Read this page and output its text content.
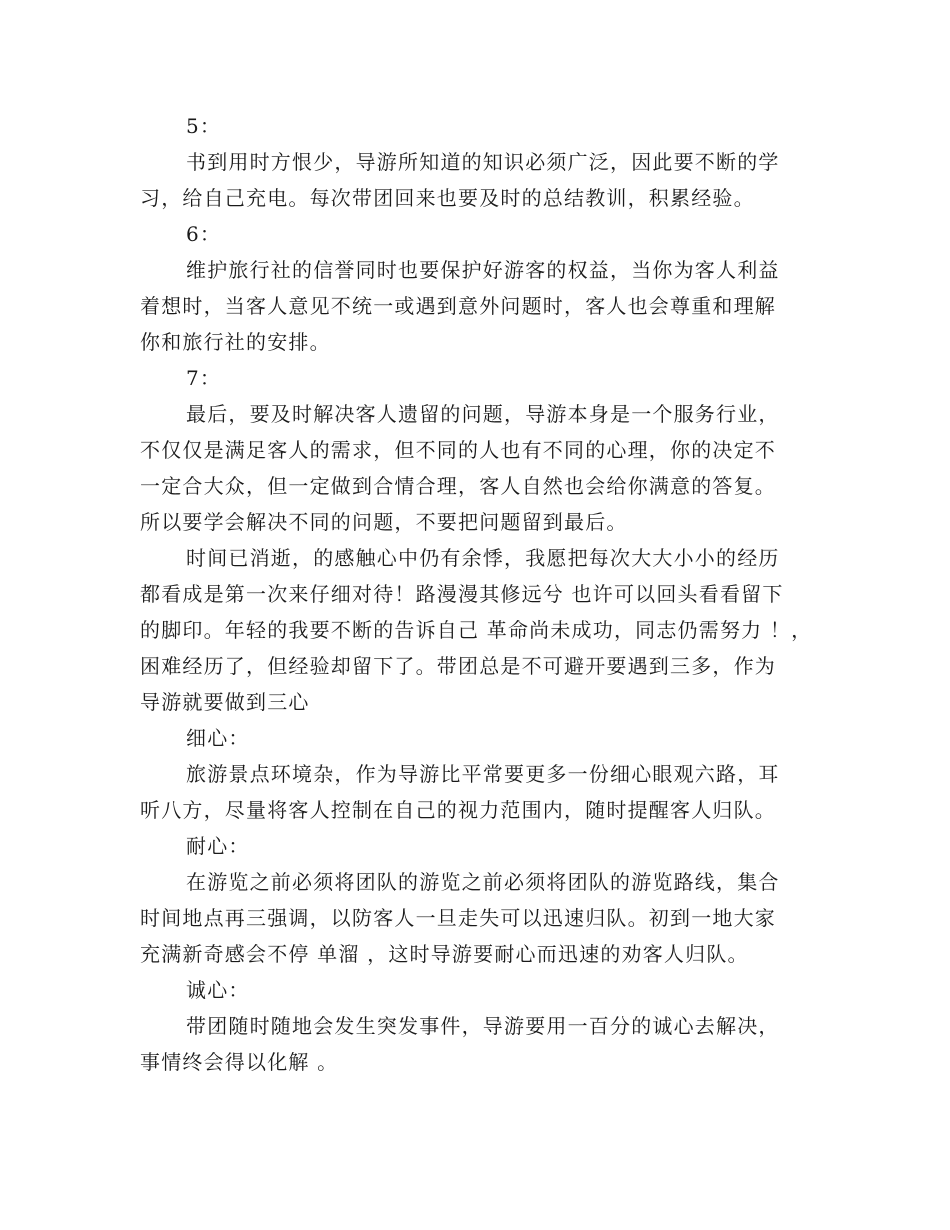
5：
书到用时方恨少，导游所知道的知识必须广泛，因此要不断的学
习，给自己充电。每次带团回来也要及时的总结教训，积累经验。
6：
维护旅行社的信誉同时也要保护好游客的权益，当你为客人利益
着想时，当客人意见不统一或遇到意外问题时，客人也会尊重和理解
你和旅行社的安排。
7：
最后，要及时解决客人遗留的问题，导游本身是一个服务行业，
不仅仅是满足客人的需求，但不同的人也有不同的心理，你的决定不
一定合大众，但一定做到合情合理，客人自然也会给你满意的答复。
所以要学会解决不同的问题，不要把问题留到最后。
时间已消逝，的感触心中仍有余悸，我愿把每次大大小小的经历
都看成是第一次来仔细对待！路漫漫其修远兮 也许可以回头看看留下
的脚印。年轻的我要不断的告诉自己 革命尚未成功，同志仍需努力 ！，
困难经历了，但经验却留下了。带团总是不可避开要遇到三多，作为
导游就要做到三心
细心：
旅游景点环境杂，作为导游比平常要更多一份细心眼观六路，耳
听八方，尽量将客人控制在自己的视力范围内，随时提醒客人归队。
耐心：
在游览之前必须将团队的游览之前必须将团队的游览路线，集合
时间地点再三强调，以防客人一旦走失可以迅速归队。初到一地大家
充满新奇感会不停 单溜 ，这时导游要耐心而迅速的劝客人归队。
诚心：
带团随时随地会发生突发事件，导游要用一百分的诚心去解决，
事情终会得以化解 。
